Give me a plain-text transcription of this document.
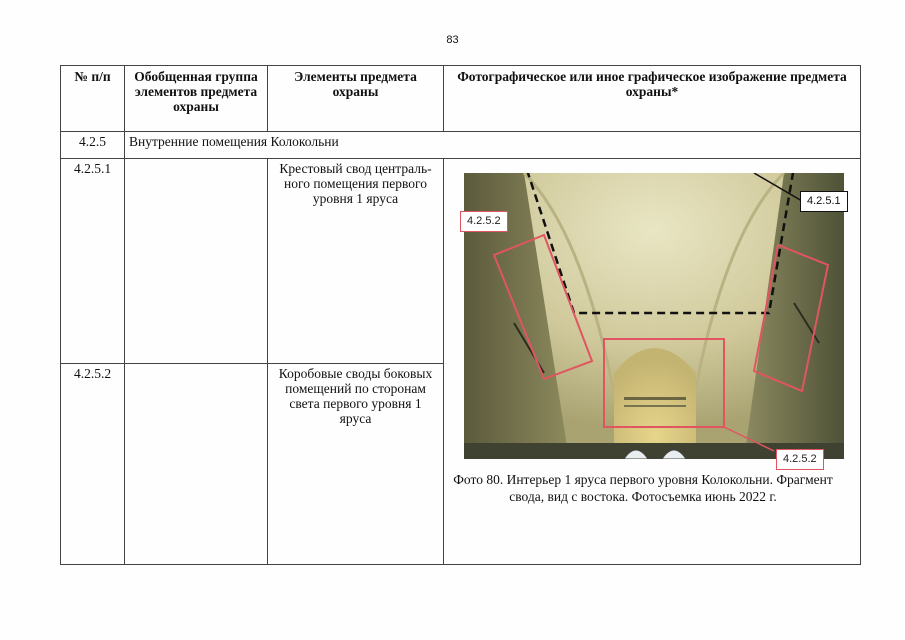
83
№ п/п	Обобщенная группа элементов предмета охраны	Элементы предмета охраны	Фотографическое или иное графическое изображение предмета охраны*
4.2.5	Внутренние помещения Колокольни		
4.2.5.1		Крестовый свод централь-ного помещения первого уровня 1 яруса	4.2.5.1
4.2.5.2
4.2.5.2
Фото 80. Интерьер 1 яруса первого уровня Колокольни. Фрагмент свода, вид с востока. Фотосъемка июнь 2022 г.

4.2.5.2		Коробовые своды боковых помещений по сторонам света первого уровня 1 яруса	
